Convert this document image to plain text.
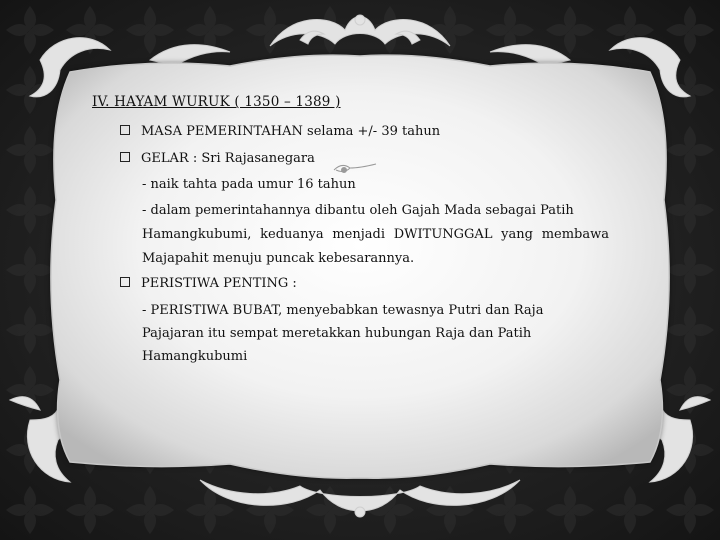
IV. HAYAM WURUK ( 1350 – 1389 )
MASA PEMERINTAHAN selama +/- 39 tahun
GELAR : Sri Rajasanegara
- naik tahta pada umur 16 tahun
- dalam pemerintahannya dibantu oleh Gajah Mada sebagai Patih
Hamangkubumi, keduanya menjadi DWITUNGGAL yang membawa
Majapahit menuju puncak kebesarannya.
PERISTIWA PENTING :
- PERISTIWA BUBAT, menyebabkan tewasnya Putri dan Raja
Pajajaran itu sempat meretakkan hubungan Raja dan Patih
Hamangkubumi
